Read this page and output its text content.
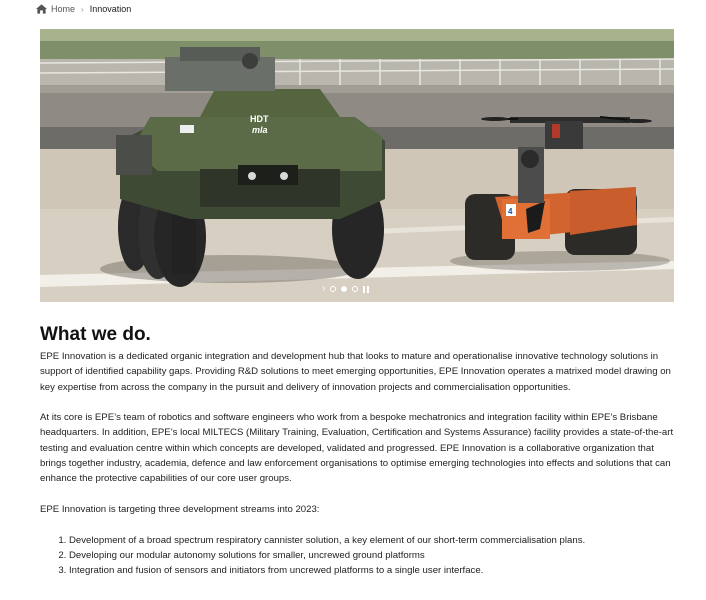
Home › Innovation
HDT
mla
4
›
›
What we do.

EPE Innovation is a dedicated organic integration and development hub that looks to mature and operationalise innovative technology solutions in support of identified capability gaps. Providing R&D solutions to meet emerging opportunities, EPE Innovation operates a matrixed model drawing on key expertise from across the company in the pursuit and delivery of innovation projects and commercialisation opportunities.

At its core is EPE’s team of robotics and software engineers who work from a bespoke mechatronics and integration facility within EPE’s Brisbane headquarters. In addition, EPE’s local MILTECS (Military Training, Evaluation, Certification and Systems Assurance) facility provides a state-of-the-art testing and evaluation centre within which concepts are developed, validated and progressed. EPE Innovation is a collaborative organization that brings together industry, academia, defence and law enforcement organisations to optimise emerging technologies into effects and solutions that can enhance the protective capabilities of our core user groups.

EPE Innovation is targeting three development streams into 2023:

1. Development of a broad spectrum respiratory cannister solution, a key element of our short-term commercialisation plans.
2. Developing our modular autonomy solutions for smaller, uncrewed ground platforms
3. Integration and fusion of sensors and initiators from uncrewed platforms to a single user interface.
